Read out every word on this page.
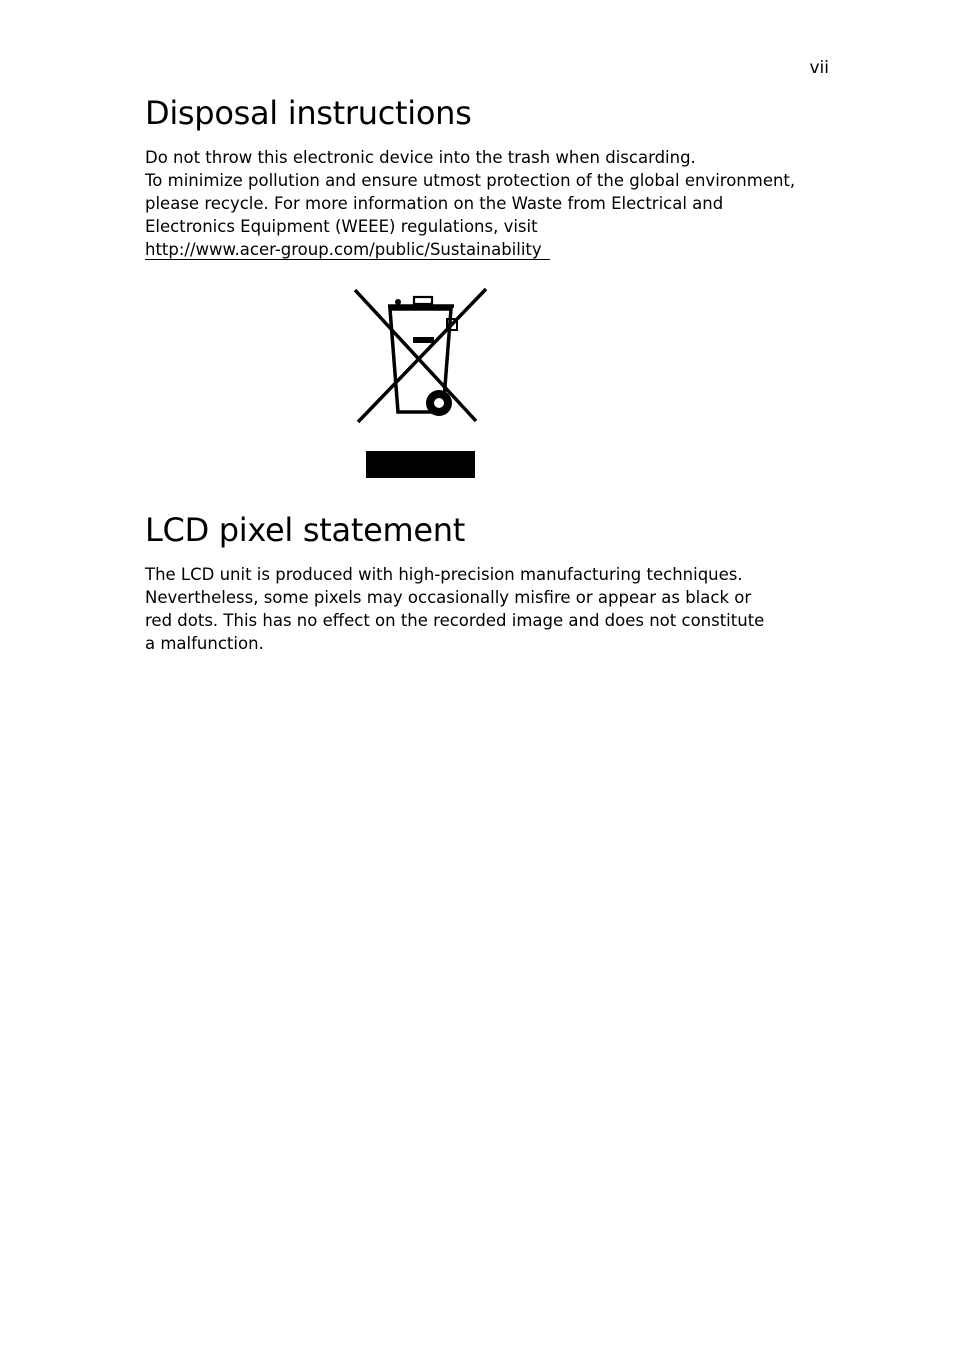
vii
Disposal instructions

Do not throw this electronic device into the trash when discarding.
To minimize pollution and ensure utmost protection of the global environment,
please recycle. For more information on the Waste from Electrical and
Electronics Equipment (WEEE) regulations, visit
http://www.acer-group.com/public/Sustainability

LCD pixel statement

The LCD unit is produced with high-precision manufacturing techniques.
Nevertheless, some pixels may occasionally misfire or appear as black or
red dots. This has no effect on the recorded image and does not constitute
a malfunction.
